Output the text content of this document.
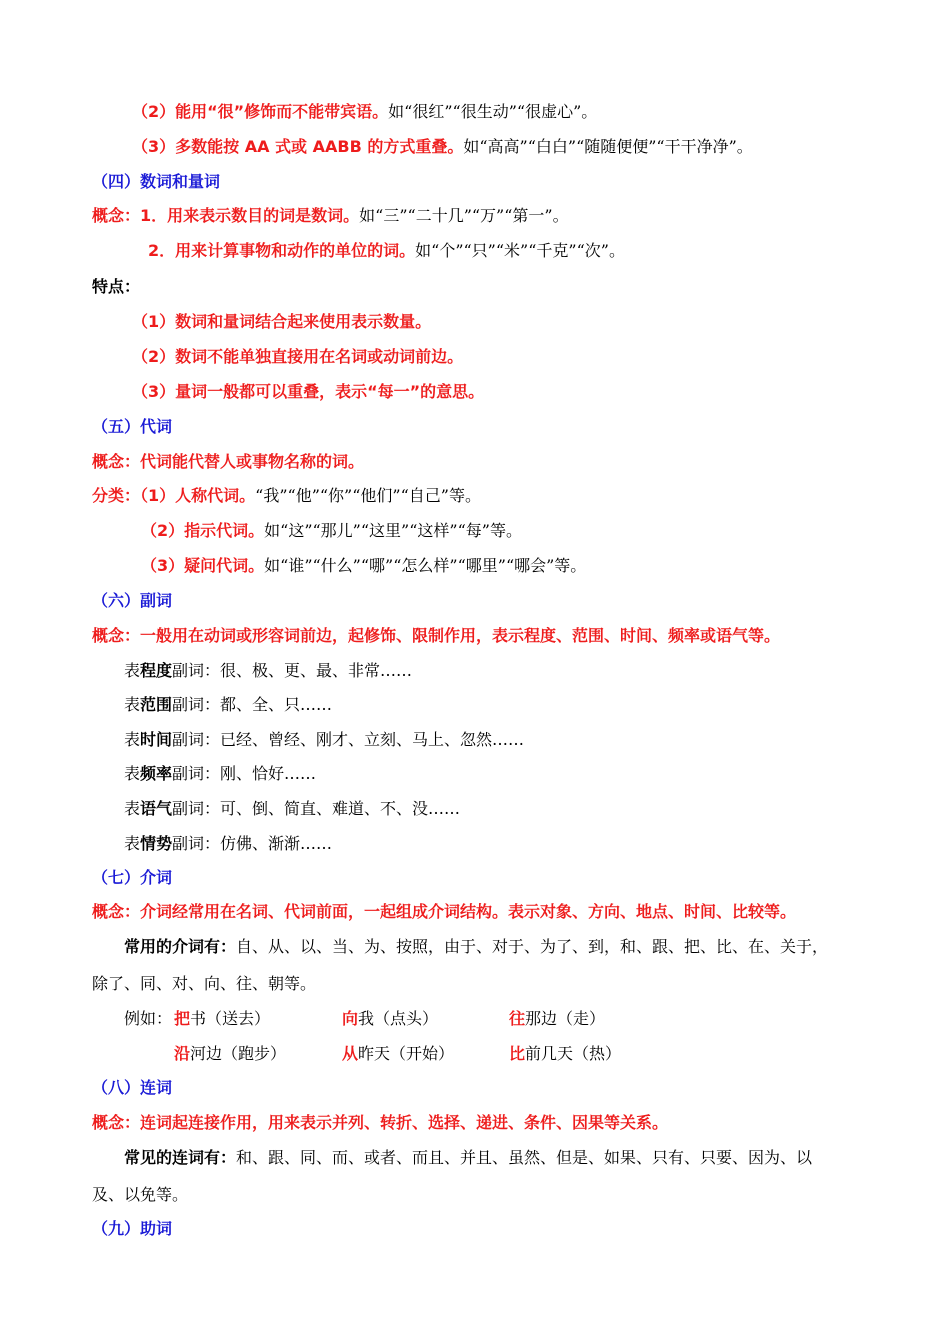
（2）能用“很”修饰而不能带宾语。如“很红”“很生动”“很虚心”。
（3）多数能按 AA 式或 AABB 的方式重叠。如“高高”“白白”“随随便便”“干干净净”。
（四）数词和量词
概念：1．用来表示数目的词是数词。如“三”“二十几”“万”“第一”。
2．用来计算事物和动作的单位的词。如“个”“只”“米”“千克”“次”。
特点：
（1）数词和量词结合起来使用表示数量。
（2）数词不能单独直接用在名词或动词前边。
（3）量词一般都可以重叠，表示“每一”的意思。
（五）代词
概念：代词能代替人或事物名称的词。
分类：（1）人称代词。“我”“他”“你”“他们”“自己”等。
（2）指示代词。如“这”“那儿”“这里”“这样”“每”等。
（3）疑问代词。如“谁”“什么”“哪”“怎么样”“哪里”“哪会”等。
（六）副词
概念：一般用在动词或形容词前边，起修饰、限制作用，表示程度、范围、时间、频率或语气等。
表程度副词：很、极、更、最、非常……
表范围副词：都、全、只……
表时间副词：已经、曾经、刚才、立刻、马上、忽然……
表频率副词：刚、恰好……
表语气副词：可、倒、简直、难道、不、没……
表情势副词：仿佛、渐渐……
（七）介词
概念：介词经常用在名词、代词前面，一起组成介词结构。表示对象、方向、地点、时间、比较等。
常用的介词有：自、从、以、当、为、按照，由于、对于、为了、到，和、跟、把、比、在、关于，
除了、同、对、向、往、朝等。
例如： 把书（送去）	向我（点头）	往那边（走）
沿河边（跑步）	从昨天（开始）	比前几天（热）
（八）连词
概念：连词起连接作用，用来表示并列、转折、选择、递进、条件、因果等关系。
常见的连词有：和、跟、同、而、或者、而且、并且、虽然、但是、如果、只有、只要、因为、以
及、以免等。
（九）助词
